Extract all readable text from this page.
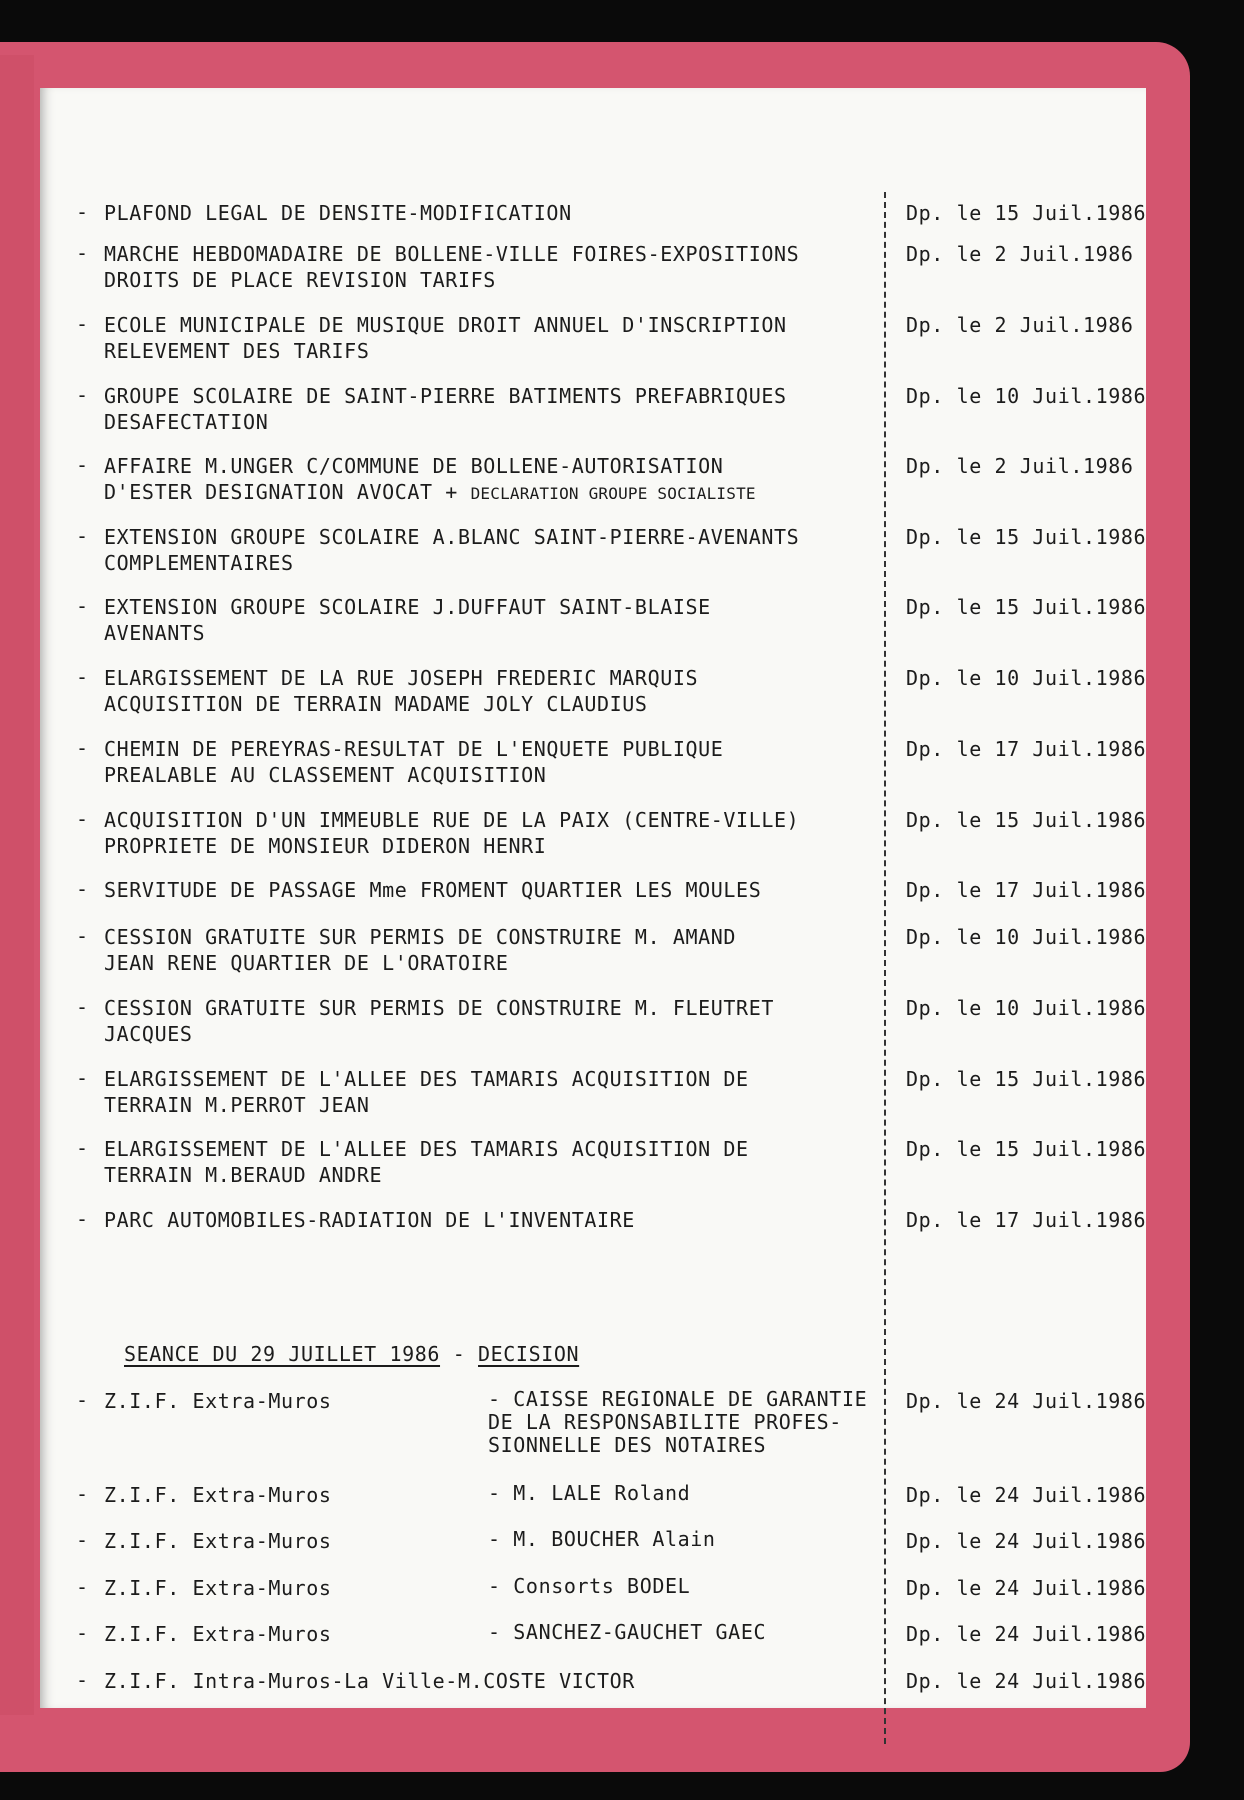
- PLAFOND LEGAL DE DENSITE-MODIFICATION	Dp. le 15 Juil.1986
- MARCHE HEBDOMADAIRE DE BOLLENE-VILLE FOIRES-EXPOSITIONS
DROITS DE PLACE REVISION TARIFS
Dp. le 2 Juil.1986
- ECOLE MUNICIPALE DE MUSIQUE DROIT ANNUEL D'INSCRIPTION
RELEVEMENT DES TARIFS
Dp. le 2 Juil.1986
- GROUPE SCOLAIRE DE SAINT-PIERRE BATIMENTS PREFABRIQUES
DESAFECTATION
Dp. le 10 Juil.1986
- AFFAIRE M.UNGER C/COMMUNE DE BOLLENE-AUTORISATION
D'ESTER DESIGNATION AVOCAT + DECLARATION GROUPE SOCIALISTE
Dp. le 2 Juil.1986
- EXTENSION GROUPE SCOLAIRE A.BLANC SAINT-PIERRE-AVENANTS
COMPLEMENTAIRES
Dp. le 15 Juil.1986
- EXTENSION GROUPE SCOLAIRE J.DUFFAUT SAINT-BLAISE
AVENANTS
Dp. le 15 Juil.1986
- ELARGISSEMENT DE LA RUE JOSEPH FREDERIC MARQUIS
ACQUISITION DE TERRAIN MADAME JOLY CLAUDIUS
Dp. le 10 Juil.1986
- CHEMIN DE PEREYRAS-RESULTAT DE L'ENQUETE PUBLIQUE
PREALABLE AU CLASSEMENT ACQUISITION
Dp. le 17 Juil.1986
- ACQUISITION D'UN IMMEUBLE RUE DE LA PAIX (CENTRE-VILLE)
PROPRIETE DE MONSIEUR DIDERON HENRI
Dp. le 15 Juil.1986
- SERVITUDE DE PASSAGE Mme FROMENT QUARTIER LES MOULES	Dp. le 17 Juil.1986
- CESSION GRATUITE SUR PERMIS DE CONSTRUIRE M. AMAND
JEAN RENE QUARTIER DE L'ORATOIRE
Dp. le 10 Juil.1986
- CESSION GRATUITE SUR PERMIS DE CONSTRUIRE M. FLEUTRET
JACQUES
Dp. le 10 Juil.1986
- ELARGISSEMENT DE L'ALLEE DES TAMARIS ACQUISITION DE
TERRAIN M.PERROT JEAN
Dp. le 15 Juil.1986
- ELARGISSEMENT DE L'ALLEE DES TAMARIS ACQUISITION DE
TERRAIN M.BERAUD ANDRE
Dp. le 15 Juil.1986
- PARC AUTOMOBILES-RADIATION DE L'INVENTAIRE	Dp. le 17 Juil.1986
SEANCE DU 29 JUILLET 1986 - DECISION
- Z.I.F. Extra-Muros	- CAISSE REGIONALE DE GARANTIE
DE LA RESPONSABILITE PROFES-
SIONNELLE DES NOTAIRES
Dp. le 24 Juil.1986
- Z.I.F. Extra-Muros	- M. LALE Roland	Dp. le 24 Juil.1986
- Z.I.F. Extra-Muros	- M. BOUCHER Alain	Dp. le 24 Juil.1986
- Z.I.F. Extra-Muros	- Consorts BODEL	Dp. le 24 Juil.1986
- Z.I.F. Extra-Muros	- SANCHEZ-GAUCHET GAEC	Dp. le 24 Juil.1986
- Z.I.F. Intra-Muros-La Ville-M.COSTE VICTOR	Dp. le 24 Juil.1986
